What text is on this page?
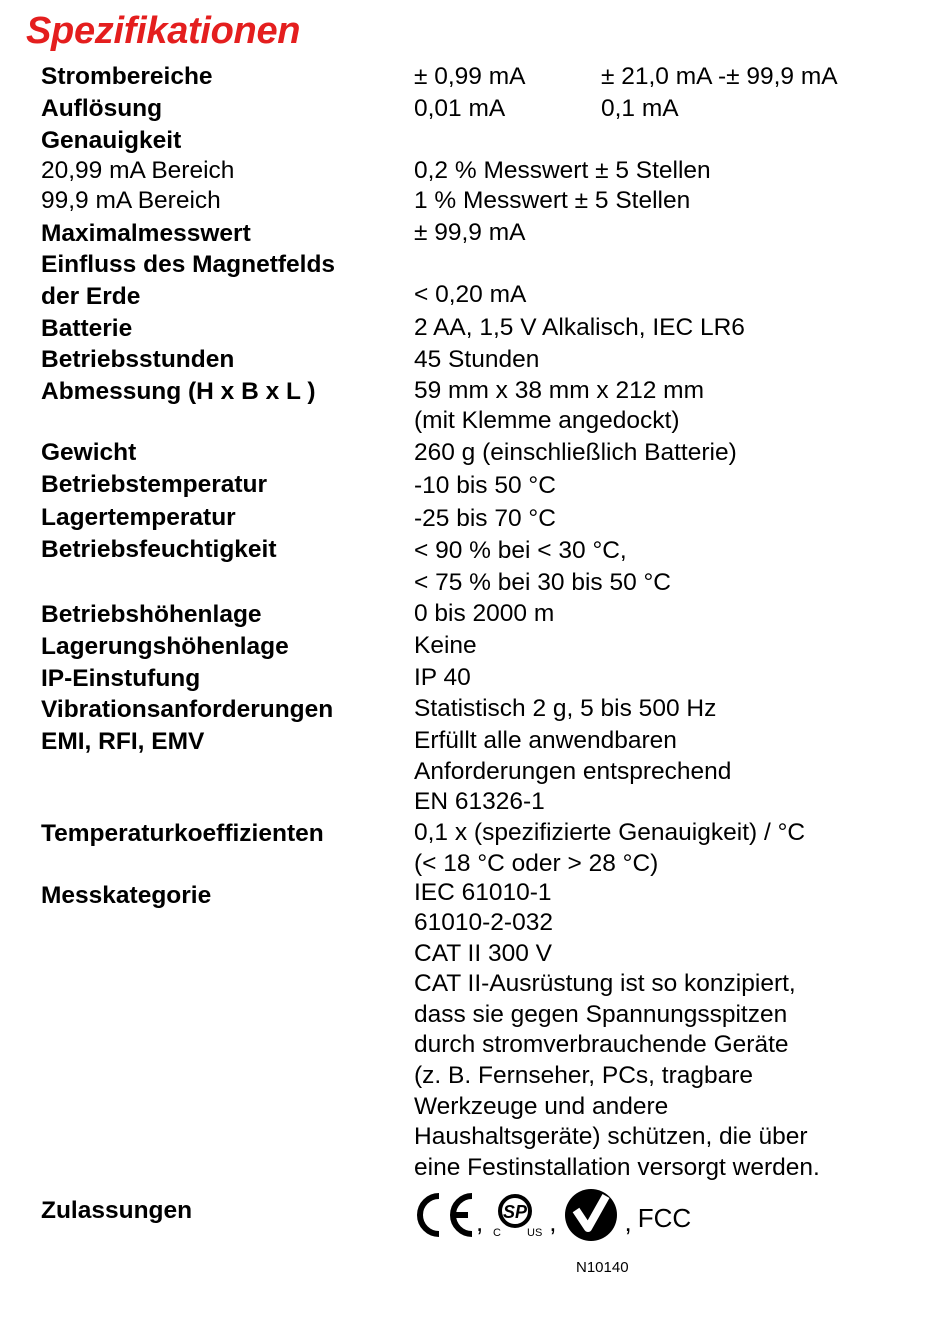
Spezifikationen
Strombereiche	± 0,99 mA	± 21,0 mA -± 99,9 mA
Auflösung	0,01 mA	0,1 mA
Genauigkeit
20,99 mA Bereich	0,2 % Messwert ± 5 Stellen
99,9 mA Bereich	1 % Messwert ± 5 Stellen
Maximalmesswert	± 99,9 mA
Einfluss des Magnetfelds
der Erde	< 0,20 mA
Batterie	2 AA, 1,5 V Alkalisch, IEC LR6
Betriebsstunden	45 Stunden
Abmessung (H x B x L )	59 mm x 38 mm x 212 mm
(mit Klemme angedockt)
Gewicht	260 g (einschließlich Batterie)
Betriebstemperatur	-10 bis 50 °C
Lagertemperatur	-25 bis 70 °C
Betriebsfeuchtigkeit	< 90 % bei < 30 °C,
< 75 % bei 30 bis 50 °C
Betriebshöhenlage	0 bis 2000 m
Lagerungshöhenlage	Keine
IP-Einstufung	IP 40
Vibrationsanforderungen	Statistisch 2 g, 5 bis 500 Hz
EMI, RFI, EMV	Erfüllt alle anwendbaren
Anforderungen entsprechend
EN 61326-1
Temperaturkoeffizienten	0,1 x (spezifizierte Genauigkeit) / °C
(< 18 °C oder > 28 °C)
Messkategorie	IEC 61010-1
61010-2-032
CAT II 300 V
CAT II-Ausrüstung ist so konzipiert,
dass sie gegen Spannungsspitzen
durch stromverbrauchende Geräte
(z. B. Fernseher, PCs, tragbare
Werkzeuge und andere
Haushaltsgeräte) schützen, die über
eine Festinstallation versorgt werden.
Zulassungen	, SP
C US ,	, FCC
N10140
